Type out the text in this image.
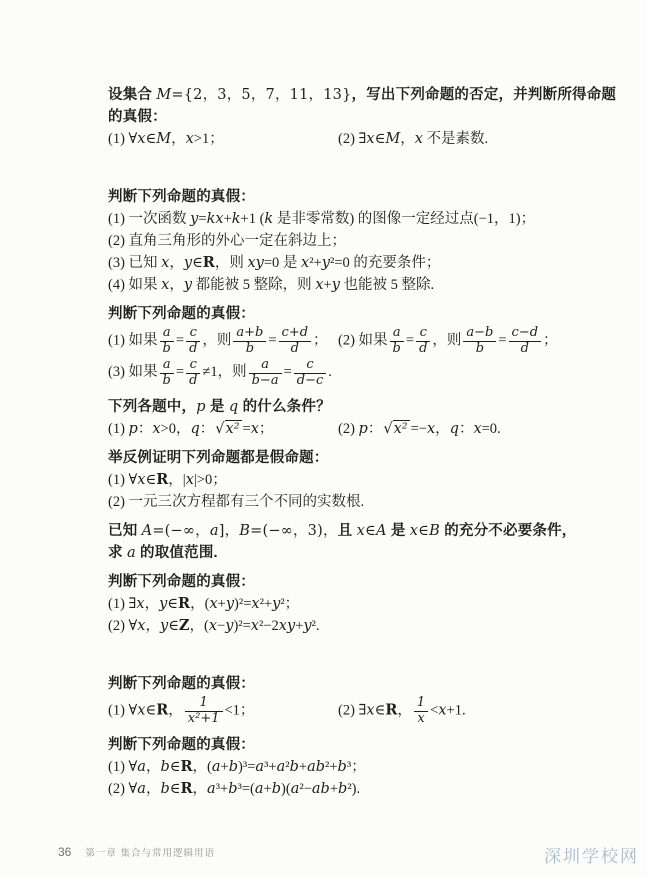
设集合 M={2，3，5，7，11，13}，写出下列命题的否定，并判断所得命题
的真假：
(1) ∀x∈M，x>1；	(2) ∃x∈M，x 不是素数.
判断下列命题的真假：
(1) 一次函数 y=kx+k+1 (k 是非零常数) 的图像一定经过点(−1，1)；
(2) 直角三角形的外心一定在斜边上；
(3) 已知 x，y∈R，则 xy=0 是 x²+y²=0 的充要条件；
(4) 如果 x，y 都能被 5 整除，则 x+y 也能被 5 整除.
判断下列命题的真假：
(1) 如果 $\frac{a}{b} = \frac{c}{d}$ ，则 $\frac{a+b}{b} = \frac{c+d}{d}$ ； (2) 如果 $\frac{a}{b} = \frac{c}{d}$ ，则 $\frac{a-b}{b} = \frac{c-d}{d}$ ；
(3) 如果 $\frac{a}{b} = \frac{c}{d} \ne 1$，则 $\frac{a}{b-a} = \frac{c}{d-c}$ .
下列各题中，p 是 q 的什么条件？
(1) p：x>0，q：√x² =x；	(2) p：√x² =−x，q：x=0.
举反例证明下列命题都是假命题：
(1) ∀x∈R，|x|>0；
(2) 一元三次方程都有三个不同的实数根.
已知 A=(−∞，a]，B=(−∞，3)，且 x∈A 是 x∈B 的充分不必要条件，
求 a 的取值范围.
判断下列命题的真假：
(1) ∃x，y∈R，(x+y)²=x²+y²；
(2) ∀x，y∈Z，(x−y)²=x²−2xy+y².
判断下列命题的真假：
(1) ∀x∈R， $\frac{1}{\text{x²+1}} <1$；	(2) ∃x∈R， $\frac{1}{x} <x+1$.
判断下列命题的真假：
(1) ∀a，b∈R，(a+b)³=a³+a²b+ab²+b³；
(2) ∀a，b∈R，a³+b³=(a+b)(a²−ab+b²).
36 第一章 集合与常用逻辑用语	深圳学校网
